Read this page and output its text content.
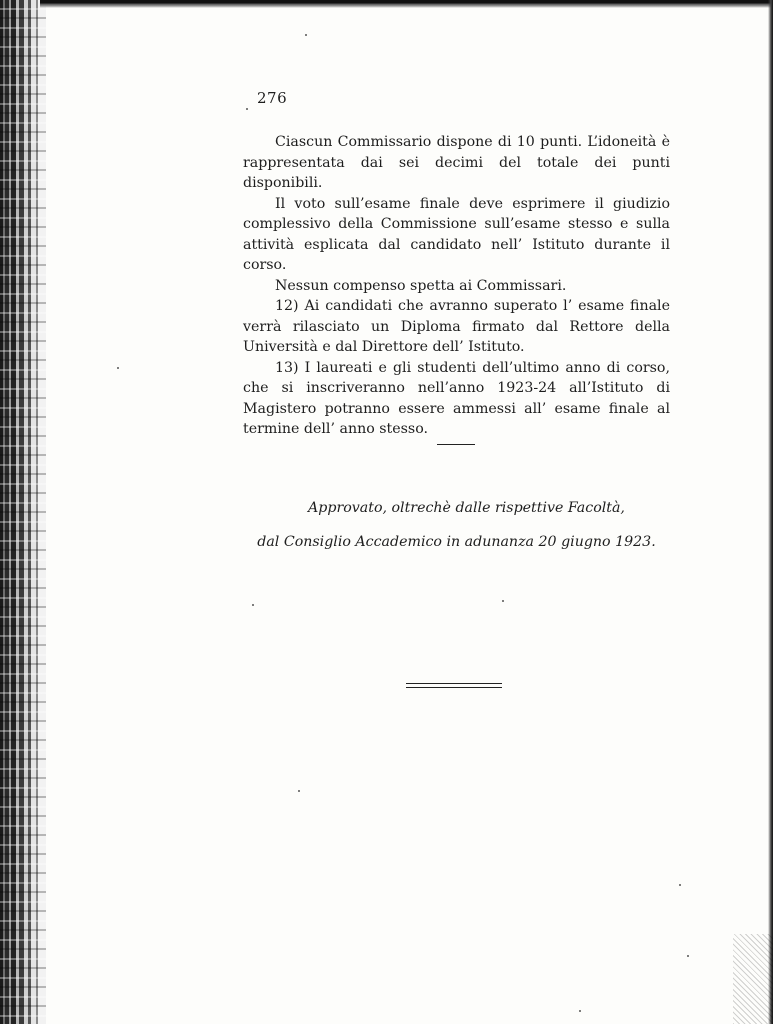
276

Ciascun Commissario dispone di 10 punti. L’idoneità è rappresentata dai sei decimi del totale dei punti disponibili.

Il voto sull’esame finale deve esprimere il giudizio complessivo della Commissione sull’esame stesso e sulla attività esplicata dal candidato nell’ Istituto durante il corso.

Nessun compenso spetta ai Commissari.

12) Ai candidati che avranno superato l’ esame finale verrà rilasciato un Diploma firmato dal Rettore della Università e dal Direttore dell’ Istituto.

13) I laureati e gli studenti dell’ultimo anno di corso, che si inscriveranno nell’anno 1923-24 all’Istituto di Magistero potranno essere ammessi all’ esame finale al termine dell’ anno stesso.

Approvato, oltrechè dalle rispettive Facoltà,

dal Consiglio Accademico in adunanza 20 giugno 1923.
